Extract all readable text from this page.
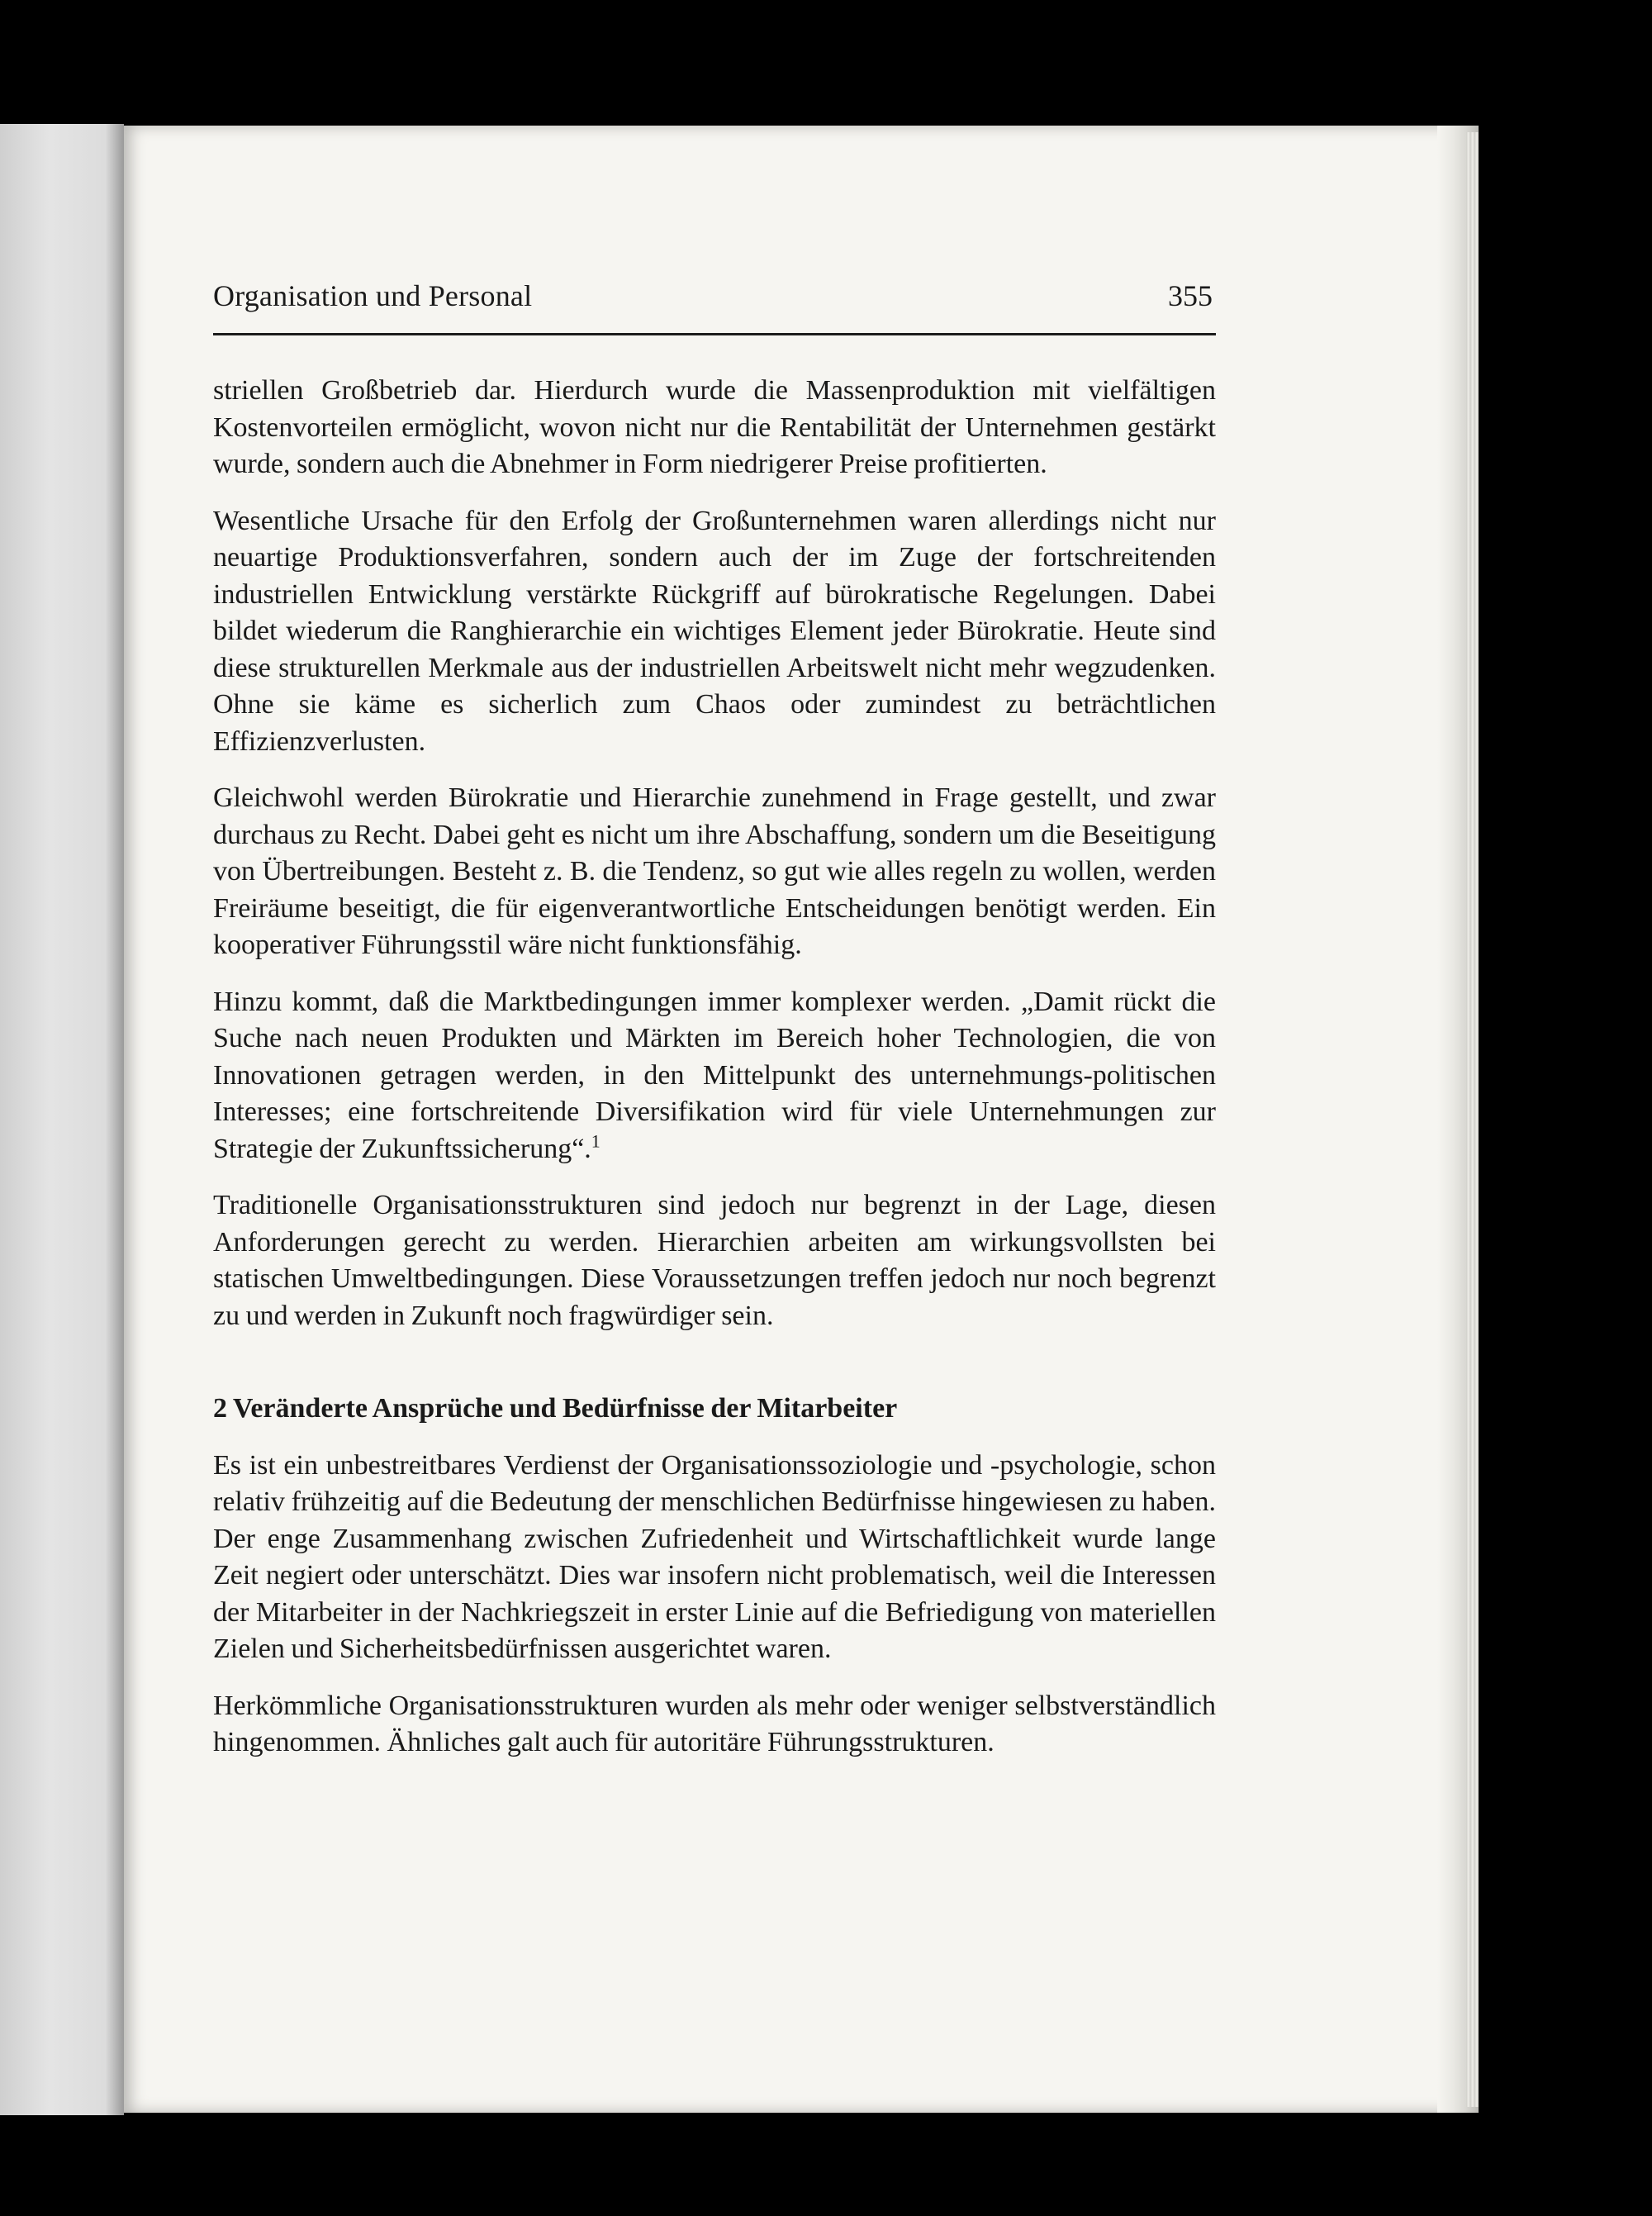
Organisation und Personal	355

striellen Großbetrieb dar. Hierdurch wurde die Massenproduktion mit vielfältigen Kostenvorteilen ermöglicht, wovon nicht nur die Rentabilität der Unternehmen gestärkt wurde, sondern auch die Abnehmer in Form niedrigerer Preise profitierten.

Wesentliche Ursache für den Erfolg der Großunternehmen waren allerdings nicht nur neuartige Produktionsverfahren, sondern auch der im Zuge der fortschreitenden industriellen Entwicklung verstärkte Rückgriff auf bürokratische Regelungen. Dabei bildet wiederum die Ranghierarchie ein wichtiges Element jeder Bürokratie. Heute sind diese strukturellen Merkmale aus der industriellen Arbeitswelt nicht mehr wegzudenken. Ohne sie käme es sicherlich zum Chaos oder zumindest zu beträchtlichen Effizienzverlusten.

Gleichwohl werden Bürokratie und Hierarchie zunehmend in Frage gestellt, und zwar durchaus zu Recht. Dabei geht es nicht um ihre Abschaffung, sondern um die Beseitigung von Übertreibungen. Besteht z. B. die Tendenz, so gut wie alles regeln zu wollen, werden Freiräume beseitigt, die für eigenverantwortliche Entscheidungen benötigt werden. Ein kooperativer Führungsstil wäre nicht funktionsfähig.

Hinzu kommt, daß die Marktbedingungen immer komplexer werden. „Damit rückt die Suche nach neuen Produkten und Märkten im Bereich hoher Technologien, die von Innovationen getragen werden, in den Mittelpunkt des unternehmungs-politischen Interesses; eine fortschreitende Diversifikation wird für viele Unternehmungen zur Strategie der Zukunftssicherung“.$^1$

Traditionelle Organisationsstrukturen sind jedoch nur begrenzt in der Lage, diesen Anforderungen gerecht zu werden. Hierarchien arbeiten am wirkungsvollsten bei statischen Umweltbedingungen. Diese Voraussetzungen treffen jedoch nur noch begrenzt zu und werden in Zukunft noch fragwürdiger sein.

2 Veränderte Ansprüche und Bedürfnisse der Mitarbeiter

Es ist ein unbestreitbares Verdienst der Organisationssoziologie und -psychologie, schon relativ frühzeitig auf die Bedeutung der menschlichen Bedürfnisse hingewiesen zu haben. Der enge Zusammenhang zwischen Zufriedenheit und Wirtschaftlichkeit wurde lange Zeit negiert oder unterschätzt. Dies war insofern nicht problematisch, weil die Interessen der Mitarbeiter in der Nachkriegszeit in erster Linie auf die Befriedigung von materiellen Zielen und Sicherheitsbedürfnissen ausgerichtet waren.

Herkömmliche Organisationsstrukturen wurden als mehr oder weniger selbstverständlich hingenommen. Ähnliches galt auch für autoritäre Führungsstrukturen.
